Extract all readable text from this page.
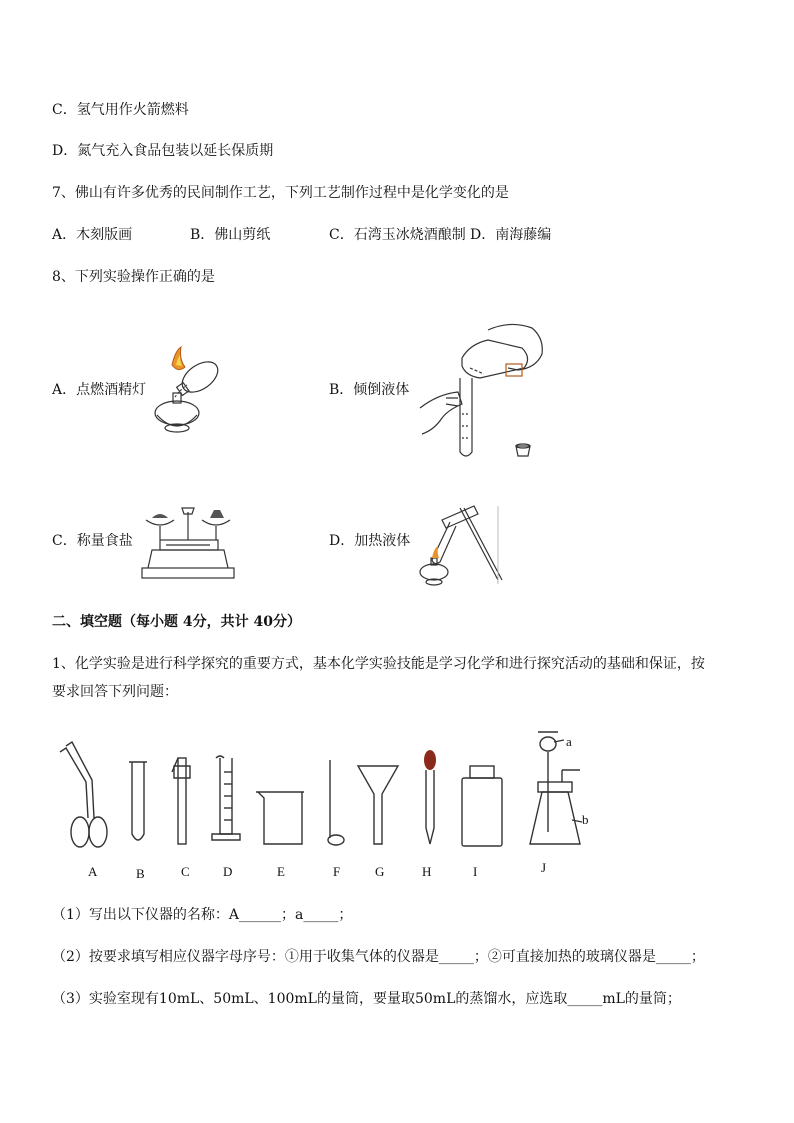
C．氢气用作火箭燃料
D．氮气充入食品包装以延长保质期
7、佛山有许多优秀的民间制作工艺，下列工艺制作过程中是化学变化的是
A．木刻版画	B．佛山剪纸	C．石湾玉冰烧酒酿制 D．南海藤编
8、下列实验操作正确的是
A．点燃酒精灯	B．倾倒液体
C．称量食盐	D．加热液体
二、填空题（每小题 4分，共计 40分）
1、化学实验是进行科学探究的重要方式，基本化学实验技能是学习化学和进行探究活动的基础和保证，按
要求回答下列问题：
A	B	C	D	E	F	G	H	I	J
a
b
（1）写出以下仪器的名称：A______；a_____；
（2）按要求填写相应仪器字母序号：①用于收集气体的仪器是_____；②可直接加热的玻璃仪器是_____；
（3）实验室现有10mL、50mL、100mL的量筒，要量取50mL的蒸馏水，应选取_____mL的量筒；
